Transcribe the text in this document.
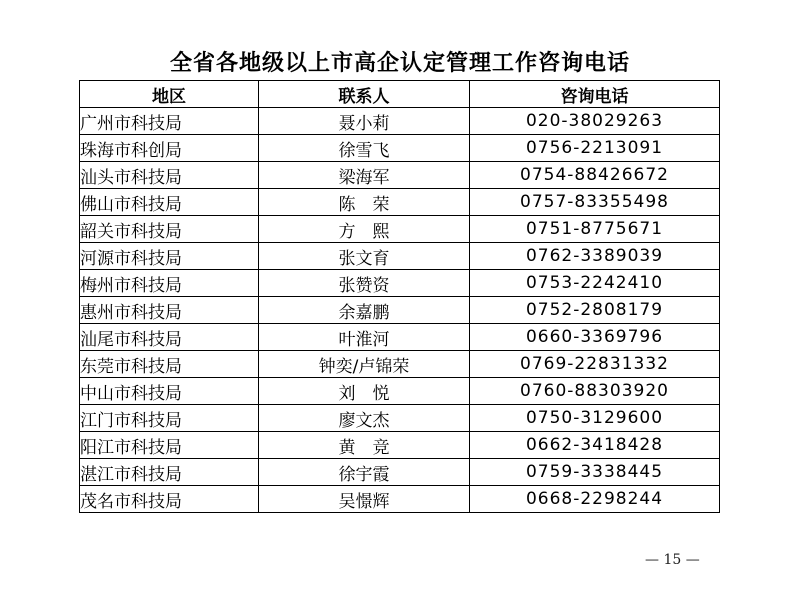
全省各地级以上市高企认定管理工作咨询电话
地区	联系人	咨询电话
广州市科技局	聂小莉	020-38029263
珠海市科创局	徐雪飞	0756-2213091
汕头市科技局	梁海军	0754-88426672
佛山市科技局	陈　荣	0757-83355498
韶关市科技局	方　熙	0751-8775671
河源市科技局	张文育	0762-3389039
梅州市科技局	张赞资	0753-2242410
惠州市科技局	余嘉鹏	0752-2808179
汕尾市科技局	叶淮河	0660-3369796
东莞市科技局	钟奕/卢锦荣	0769-22831332
中山市科技局	刘　悦	0760-88303920
江门市科技局	廖文杰	0750-3129600
阳江市科技局	黄　竞	0662-3418428
湛江市科技局	徐宇霞	0759-3338445
茂名市科技局	吴憬辉	0668-2298244
— 15 —
